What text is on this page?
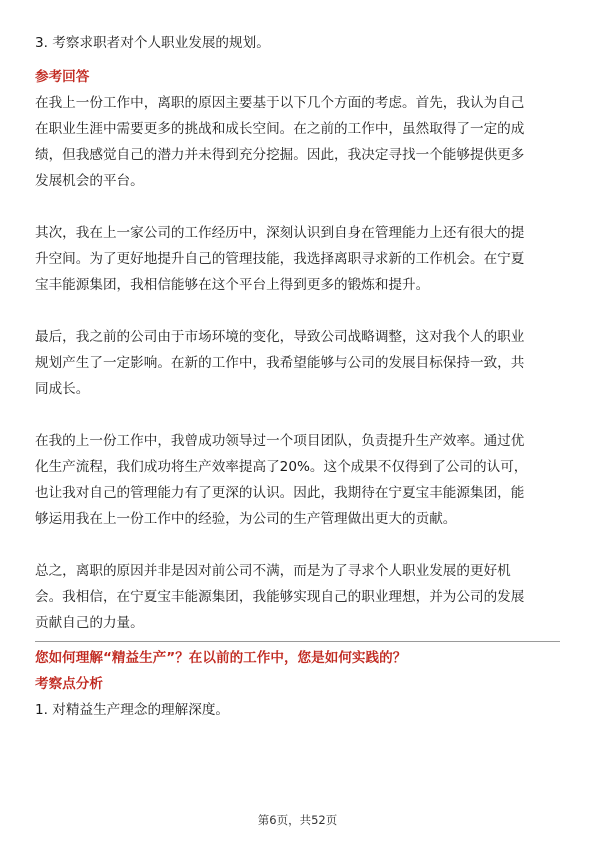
3. 考察求职者对个人职业发展的规划。
参考回答
在我上一份工作中，离职的原因主要基于以下几个方面的考虑。首先，我认为自己
在职业生涯中需要更多的挑战和成长空间。在之前的工作中，虽然取得了一定的成
绩，但我感觉自己的潜力并未得到充分挖掘。因此，我决定寻找一个能够提供更多
发展机会的平台。
其次，我在上一家公司的工作经历中，深刻认识到自身在管理能力上还有很大的提
升空间。为了更好地提升自己的管理技能，我选择离职寻求新的工作机会。在宁夏
宝丰能源集团，我相信能够在这个平台上得到更多的锻炼和提升。
最后，我之前的公司由于市场环境的变化，导致公司战略调整，这对我个人的职业
规划产生了一定影响。在新的工作中，我希望能够与公司的发展目标保持一致，共
同成长。
在我的上一份工作中，我曾成功领导过一个项目团队，负责提升生产效率。通过优
化生产流程，我们成功将生产效率提高了20%。这个成果不仅得到了公司的认可，
也让我对自己的管理能力有了更深的认识。因此，我期待在宁夏宝丰能源集团，能
够运用我在上一份工作中的经验，为公司的生产管理做出更大的贡献。
总之，离职的原因并非是因对前公司不满，而是为了寻求个人职业发展的更好机
会。我相信，在宁夏宝丰能源集团，我能够实现自己的职业理想，并为公司的发展
贡献自己的力量。
您如何理解“精益生产”？在以前的工作中，您是如何实践的？
考察点分析
1. 对精益生产理念的理解深度。
第6页，共52页
